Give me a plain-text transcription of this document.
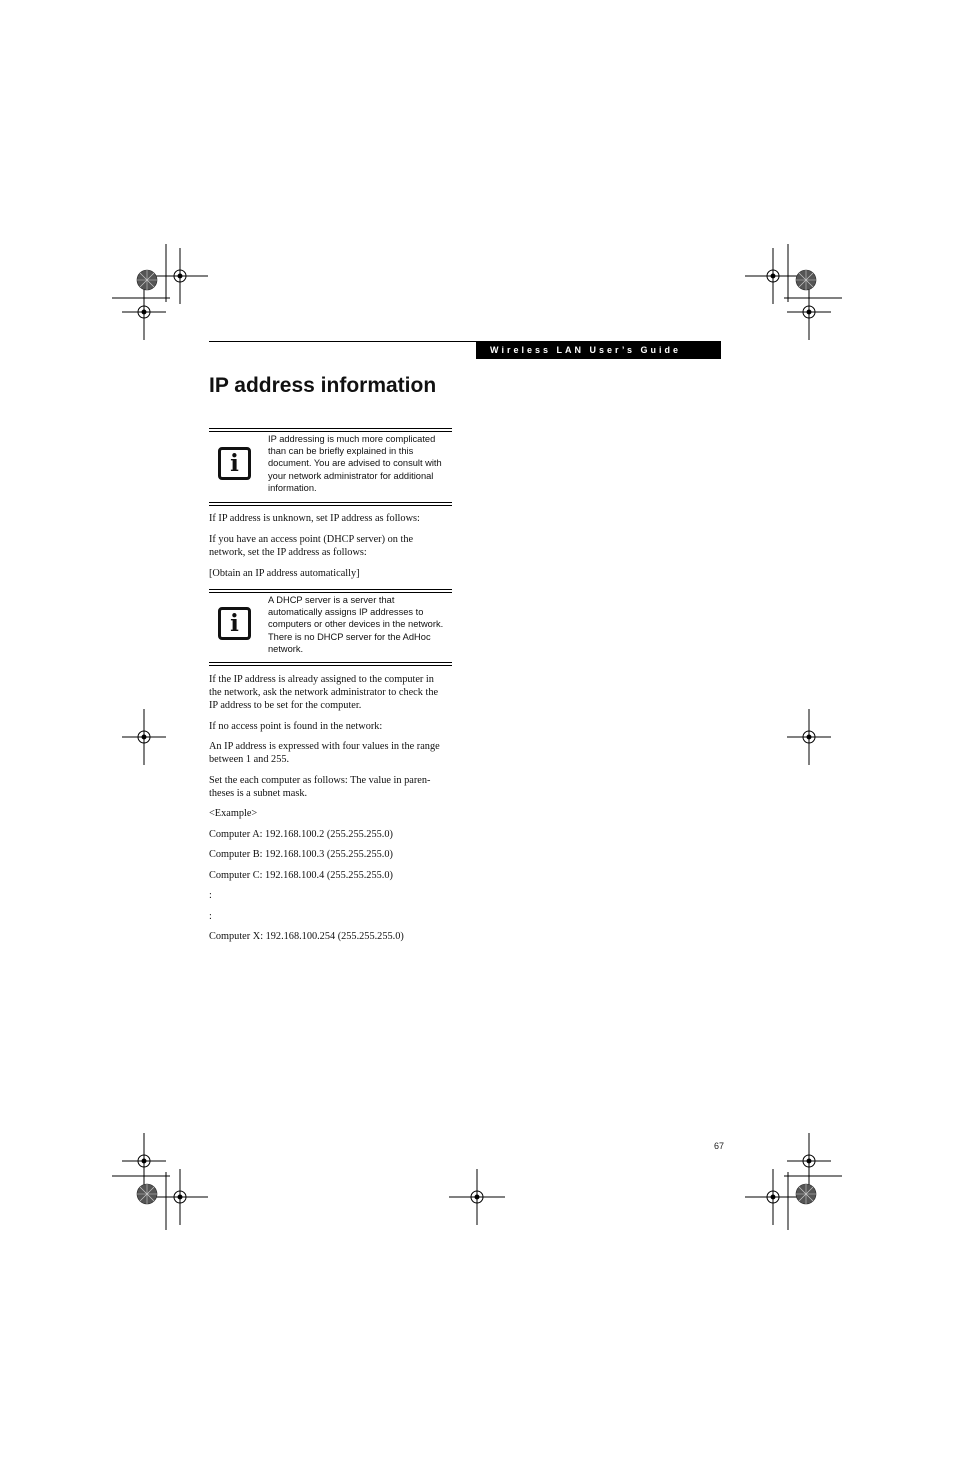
Wireless LAN User’s Guide
IP address information
i
IP addressing is much more complicated
than can be briefly explained in this
document. You are advised to consult with
your network administrator for additional
information.
If IP address is unknown, set IP address as follows:
If you have an access point (DHCP server) on the
network, set the IP address as follows:
[Obtain an IP address automatically]
i
A DHCP server is a server that
automatically assigns IP addresses to
computers or other devices in the network.
There is no DHCP server for the AdHoc
network.
If the IP address is already assigned to the computer in
the network, ask the network administrator to check the
IP address to be set for the computer.
If no access point is found in the network:
An IP address is expressed with four values in the range
between 1 and 255.
Set the each computer as follows: The value in paren-
theses is a subnet mask.
<Example>
Computer A: 192.168.100.2 (255.255.255.0)
Computer B: 192.168.100.3 (255.255.255.0)
Computer C: 192.168.100.4 (255.255.255.0)
:
:
Computer X: 192.168.100.254 (255.255.255.0)
67
